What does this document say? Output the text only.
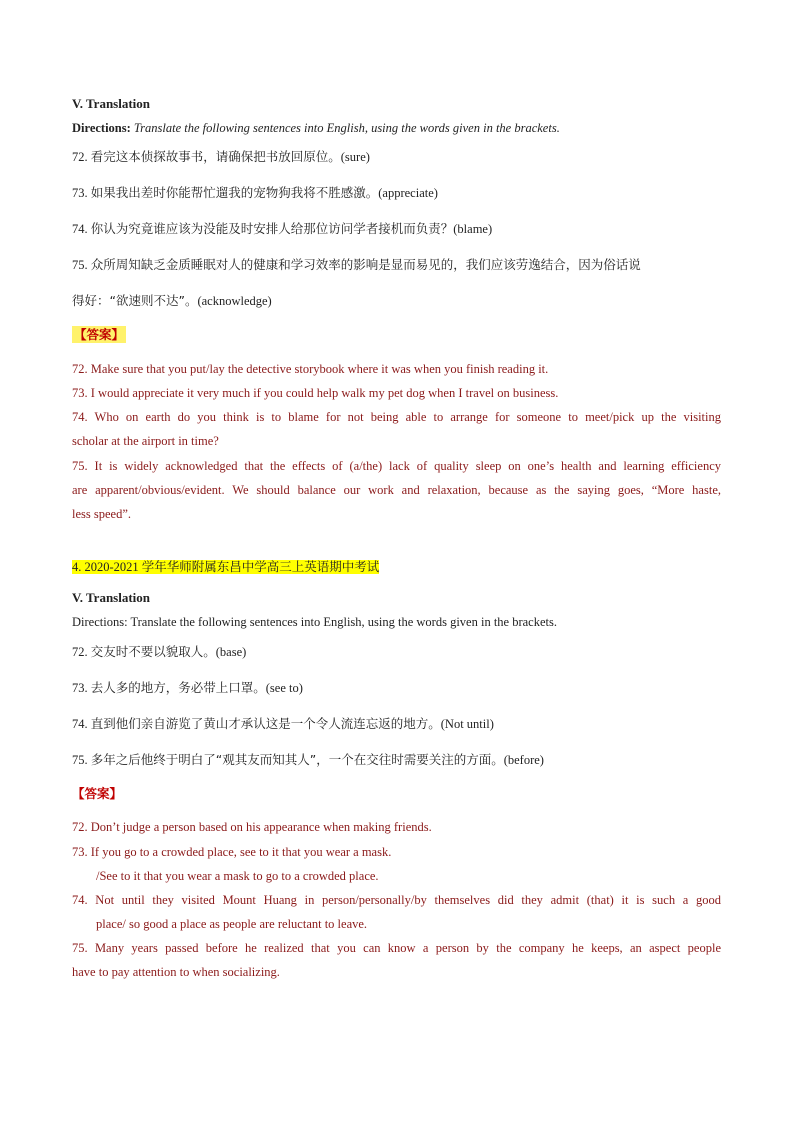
V. Translation
Directions: Translate the following sentences into English, using the words given in the brackets.
72. 看完这本侦探故事书，请确保把书放回原位。(sure)
73. 如果我出差时你能帮忙遛我的宠物狗我将不胜感激。(appreciate)
74. 你认为究竟谁应该为没能及时安排人给那位访问学者接机而负责？(blame)
75. 众所周知缺乏金质睡眠对人的健康和学习效率的影响是显而易见的，我们应该劳逸结合，因为俗话说
得好：“欲速则不达”。(acknowledge)
【答案】
72. Make sure that you put/lay the detective storybook where it was when you finish reading it.
73. I would appreciate it very much if you could help walk my pet dog when I travel on business.
74. Who on earth do you think is to blame for not being able to arrange for someone to meet/pick up the visiting
scholar at the airport in time?
75. It is widely acknowledged that the effects of (a/the) lack of quality sleep on one’s health and learning efficiency
are apparent/obvious/evident. We should balance our work and relaxation, because as the saying goes, “More haste,
less speed”.
4. 2020-2021 学年华师附属东昌中学高三上英语期中考试
V. Translation
Directions: Translate the following sentences into English, using the words given in the brackets.
72. 交友时不要以貌取人。(base)
73. 去人多的地方，务必带上口罩。(see to)
74. 直到他们亲自游览了黄山才承认这是一个令人流连忘返的地方。(Not until)
75. 多年之后他终于明白了“观其友而知其人”，一个在交往时需要关注的方面。(before)
【答案】
72. Don’t judge a person based on his appearance when making friends.
73. If you go to a crowded place, see to it that you wear a mask.
/See to it that you wear a mask to go to a crowded place.
74. Not until they visited Mount Huang in person/personally/by themselves did they admit (that) it is such a good
place/ so good a place as people are reluctant to leave.
75. Many years passed before he realized that you can know a person by the company he keeps, an aspect people
have to pay attention to when socializing.
